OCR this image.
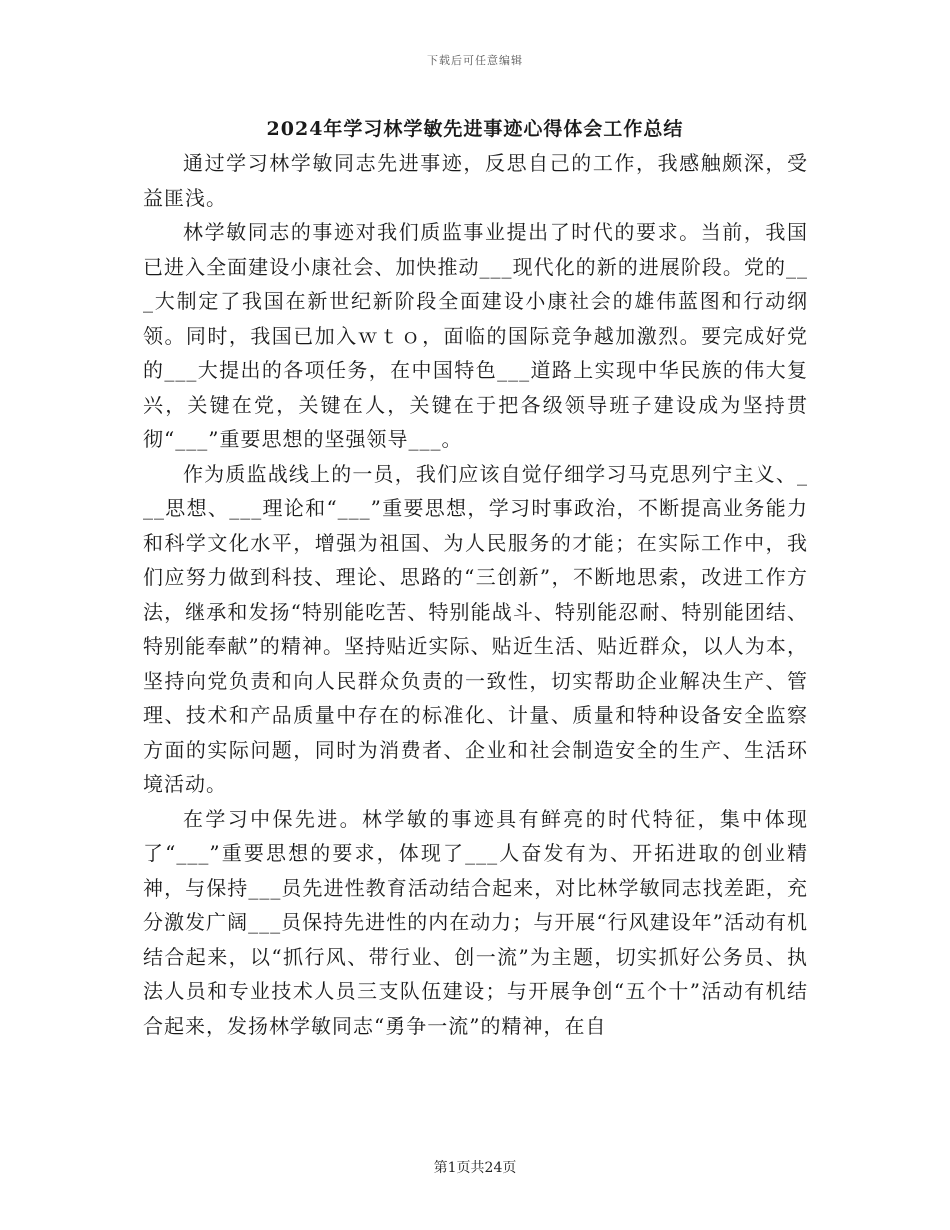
下载后可任意编辑
2024年学习林学敏先进事迹心得体会工作总结

通过学习林学敏同志先进事迹，反思自己的工作，我感触颇深，受益匪浅。

林学敏同志的事迹对我们质监事业提出了时代的要求。当前，我国已进入全面建设小康社会、加快推动___现代化的新的进展阶段。党的___大制定了我国在新世纪新阶段全面建设小康社会的雄伟蓝图和行动纲领。同时，我国已加入ｗｔｏ，面临的国际竞争越加激烈。要完成好党的___大提出的各项任务，在中国特色___道路上实现中华民族的伟大复兴，关键在党，关键在人，关键在于把各级领导班子建设成为坚持贯彻“___”重要思想的坚强领导___。

作为质监战线上的一员，我们应该自觉仔细学习马克思列宁主义、___思想、___理论和“___”重要思想，学习时事政治，不断提高业务能力和科学文化水平，增强为祖国、为人民服务的才能；在实际工作中，我们应努力做到科技、理论、思路的“三创新”，不断地思索，改进工作方法，继承和发扬“特别能吃苦、特别能战斗、特别能忍耐、特别能团结、特别能奉献”的精神。坚持贴近实际、贴近生活、贴近群众，以人为本，坚持向党负责和向人民群众负责的一致性，切实帮助企业解决生产、管理、技术和产品质量中存在的标准化、计量、质量和特种设备安全监察方面的实际问题，同时为消费者、企业和社会制造安全的生产、生活环境活动。

在学习中保先进。林学敏的事迹具有鲜亮的时代特征，集中体现了“___”重要思想的要求，体现了___人奋发有为、开拓进取的创业精神，与保持___员先进性教育活动结合起来，对比林学敏同志找差距，充分激发广阔___员保持先进性的内在动力；与开展“行风建设年”活动有机结合起来，以“抓行风、带行业、创一流”为主题，切实抓好公务员、执法人员和专业技术人员三支队伍建设；与开展争创“五个十”活动有机结合起来，发扬林学敏同志“勇争一流”的精神，在自

第1页共24页
